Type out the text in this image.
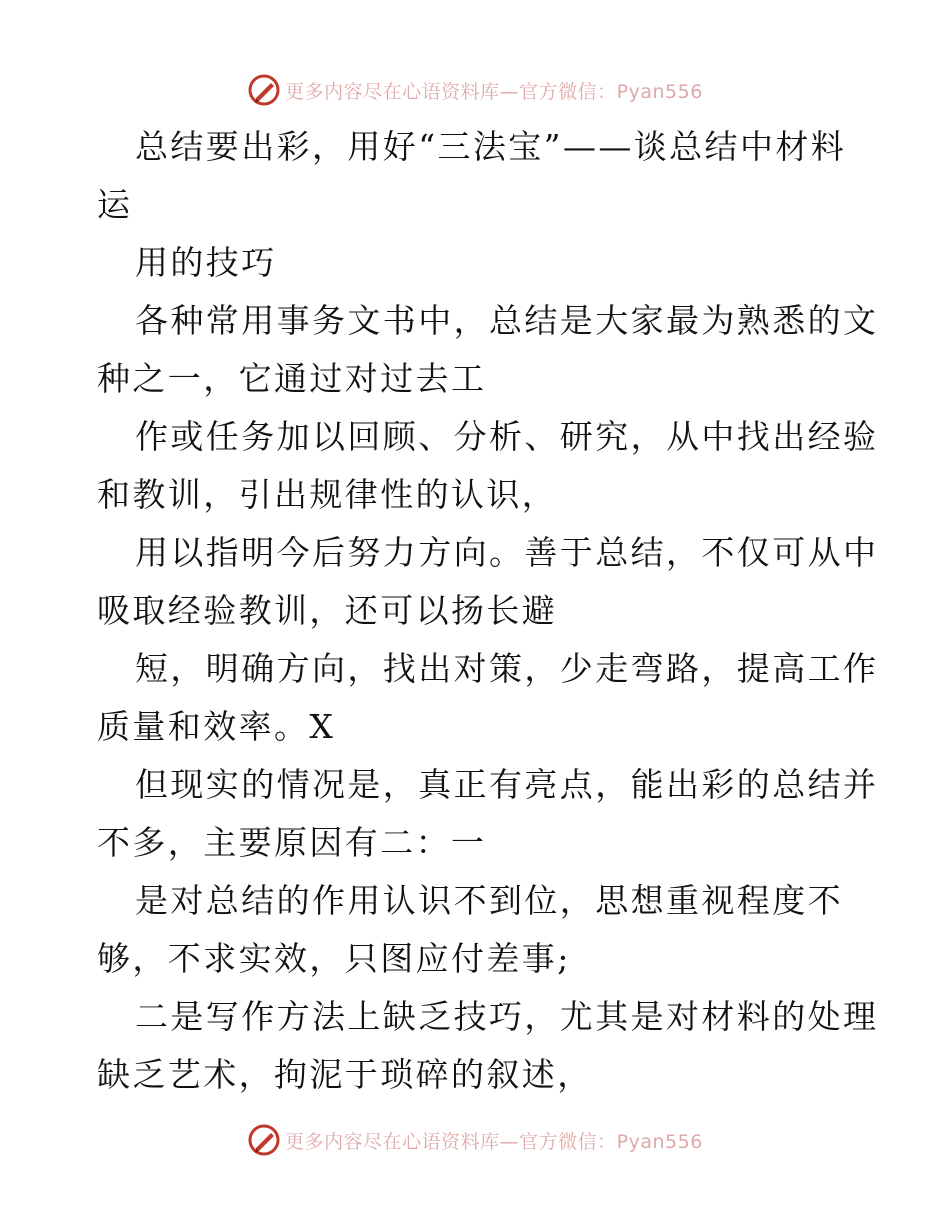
更多内容尽在心语资料库—官方微信：Pyan556

总结要出彩，用好“三法宝”——谈总结中材料
运

用的技巧

各种常用事务文书中，总结是大家最为熟悉的文
种之一，它通过对过去工

作或任务加以回顾、分析、研究，从中找出经验
和教训，引出规律性的认识，

用以指明今后努力方向。善于总结，不仅可从中
吸取经验教训，还可以扬长避

短，明确方向，找出对策，少走弯路，提高工作
质量和效率。X

但现实的情况是，真正有亮点，能出彩的总结并
不多，主要原因有二：一

是对总结的作用认识不到位，思想重视程度不
够，不求实效，只图应付差事;

二是写作方法上缺乏技巧，尤其是对材料的处理
缺乏艺术，拘泥于琐碎的叙述，

更多内容尽在心语资料库—官方微信：Pyan556
